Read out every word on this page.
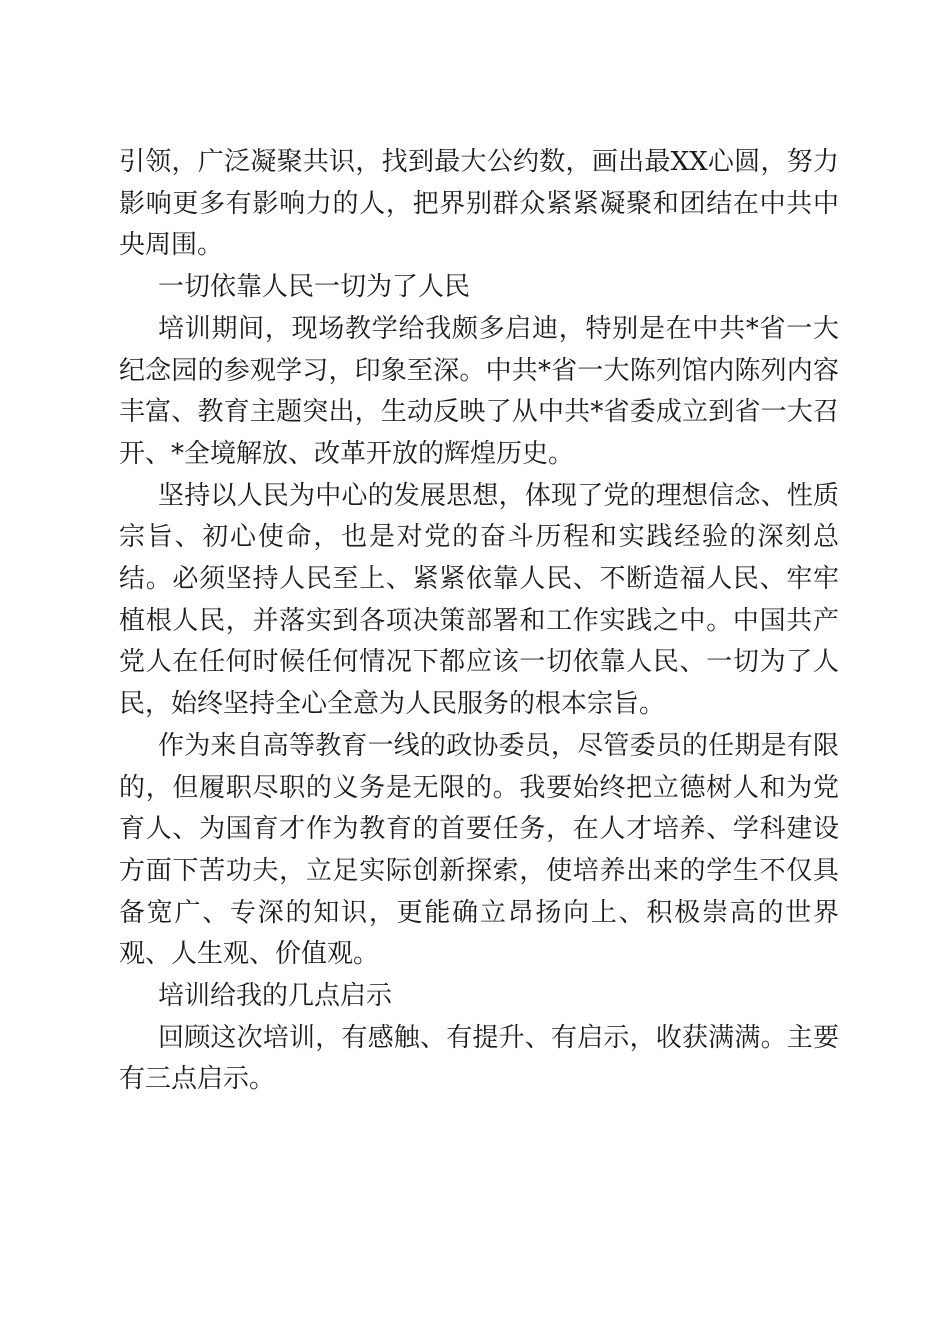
引领，广泛凝聚共识，找到最大公约数，画出最XX心圆，努力影响更多有影响力的人，把界别群众紧紧凝聚和团结在中共中央周围。

一切依靠人民一切为了人民

培训期间，现场教学给我颇多启迪，特别是在中共*省一大纪念园的参观学习，印象至深。中共*省一大陈列馆内陈列内容丰富、教育主题突出，生动反映了从中共*省委成立到省一大召开、*全境解放、改革开放的辉煌历史。

坚持以人民为中心的发展思想，体现了党的理想信念、性质宗旨、初心使命，也是对党的奋斗历程和实践经验的深刻总结。必须坚持人民至上、紧紧依靠人民、不断造福人民、牢牢植根人民，并落实到各项决策部署和工作实践之中。中国共产党人在任何时候任何情况下都应该一切依靠人民、一切为了人民，始终坚持全心全意为人民服务的根本宗旨。

作为来自高等教育一线的政协委员，尽管委员的任期是有限的，但履职尽职的义务是无限的。我要始终把立德树人和为党育人、为国育才作为教育的首要任务，在人才培养、学科建设方面下苦功夫，立足实际创新探索，使培养出来的学生不仅具备宽广、专深的知识，更能确立昂扬向上、积极崇高的世界观、人生观、价值观。

培训给我的几点启示

回顾这次培训，有感触、有提升、有启示，收获满满。主要有三点启示。
